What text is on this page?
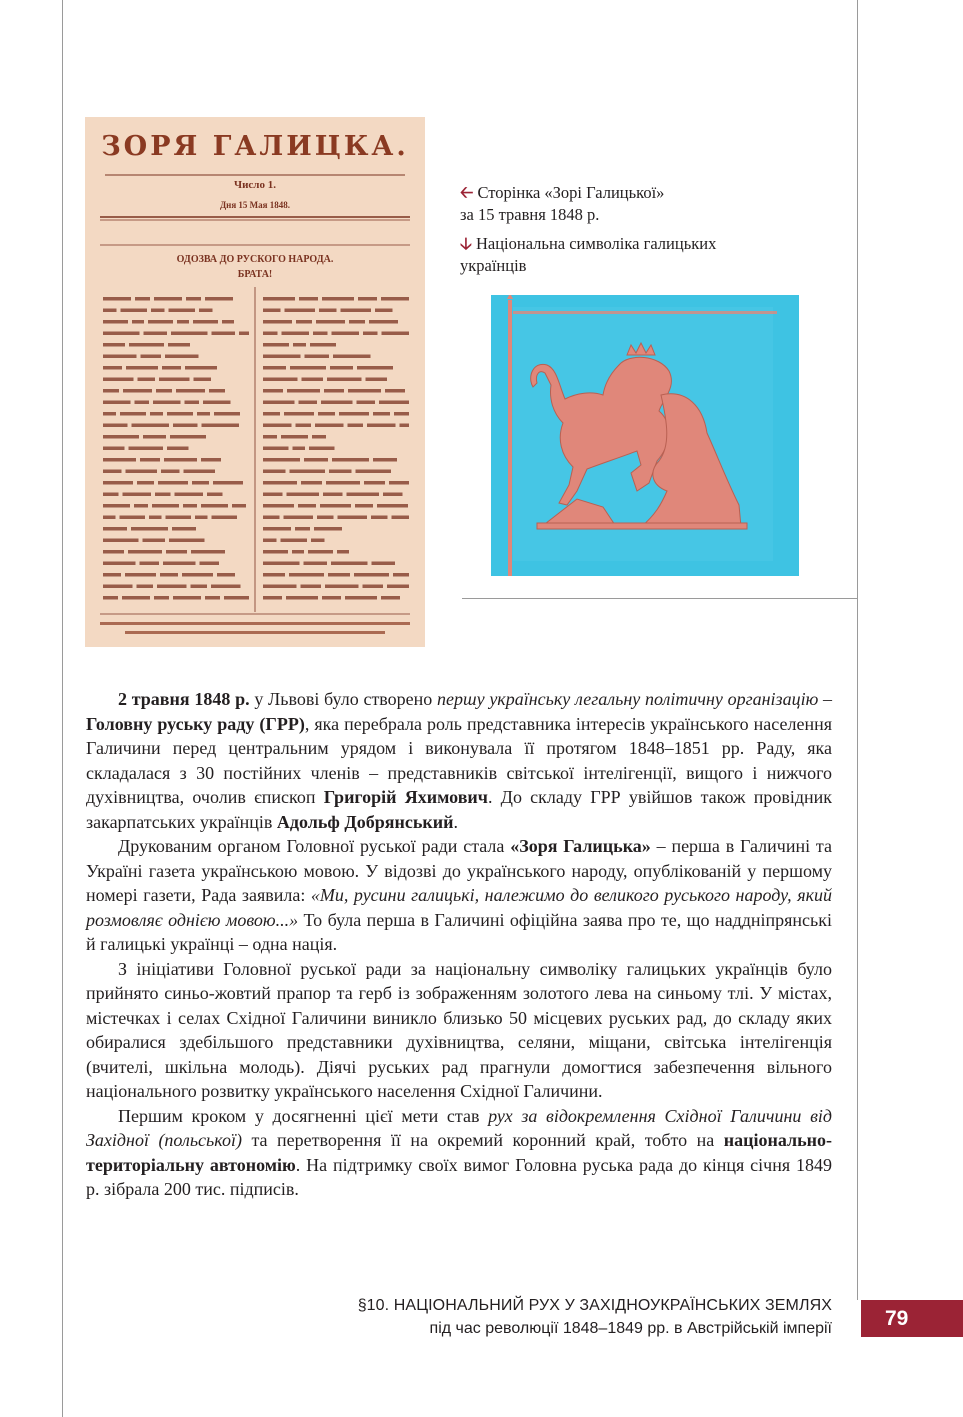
ЗОРЯ ГАЛИЦКА.
Число 1.
Дня 15 Мая 1848.
ОДОЗВА ДО РУСКОГО НАРОДА.
БРАТА!
🡠 Сторінка «Зорі Галицької»
за 15 травня 1848 р.
🡣 Національна символіка галицьких
українців

2 травня 1848 р. у Львові було створено першу українську легальну політичну організацію – Головну руську раду (ГРР), яка перебрала роль представника інтересів українського населення Галичини перед центральним урядом і виконувала її протягом 1848–1851 рр. Раду, яка складалася з 30 постійних членів – представників світської інтелігенції, вищого і нижчого духівництва, очолив єпископ Григорій Яхимович. До складу ГРР увійшов також провідник закарпатських українців Адольф Добрянський.

Друкованим органом Головної руської ради стала «Зоря Галицька» – перша в Галичині та Україні газета українською мовою. У відозві до українського народу, опублікованій у першому номері газети, Рада заявила: «Ми, русини галицькі, належимо до великого руського народу, який розмовляє однією мовою...» То була перша в Галичині офіційна заява про те, що наддніпрянські й галицькі українці – одна нація.

З ініціативи Головної руської ради за національну символіку галицьких українців було прийнято синьо-жовтий прапор та герб із зображенням золотого лева на синьому тлі. У містах, містечках і селах Східної Галичини виникло близько 50 місцевих руських рад, до складу яких обиралися здебільшого представники духівництва, селяни, міщани, світська інтелігенція (вчителі, шкільна молодь). Діячі руських рад прагнули домогтися забезпечення вільного національного розвитку українського населення Східної Галичини.

Першим кроком у досягненні цієї мети став рух за відокремлення Східної Галичини від Західної (польської) та перетворення її на окремий коронний край, тобто на національно-територіальну автономію. На підтримку своїх вимог Головна руська рада до кінця січня 1849 р. зібрала 200 тис. підписів.

§10. НАЦІОНАЛЬНИЙ РУХ У ЗАХІДНОУКРАЇНСЬКИХ ЗЕМЛЯХ
під час революції 1848–1849 рр. в Австрійській імперії	79
